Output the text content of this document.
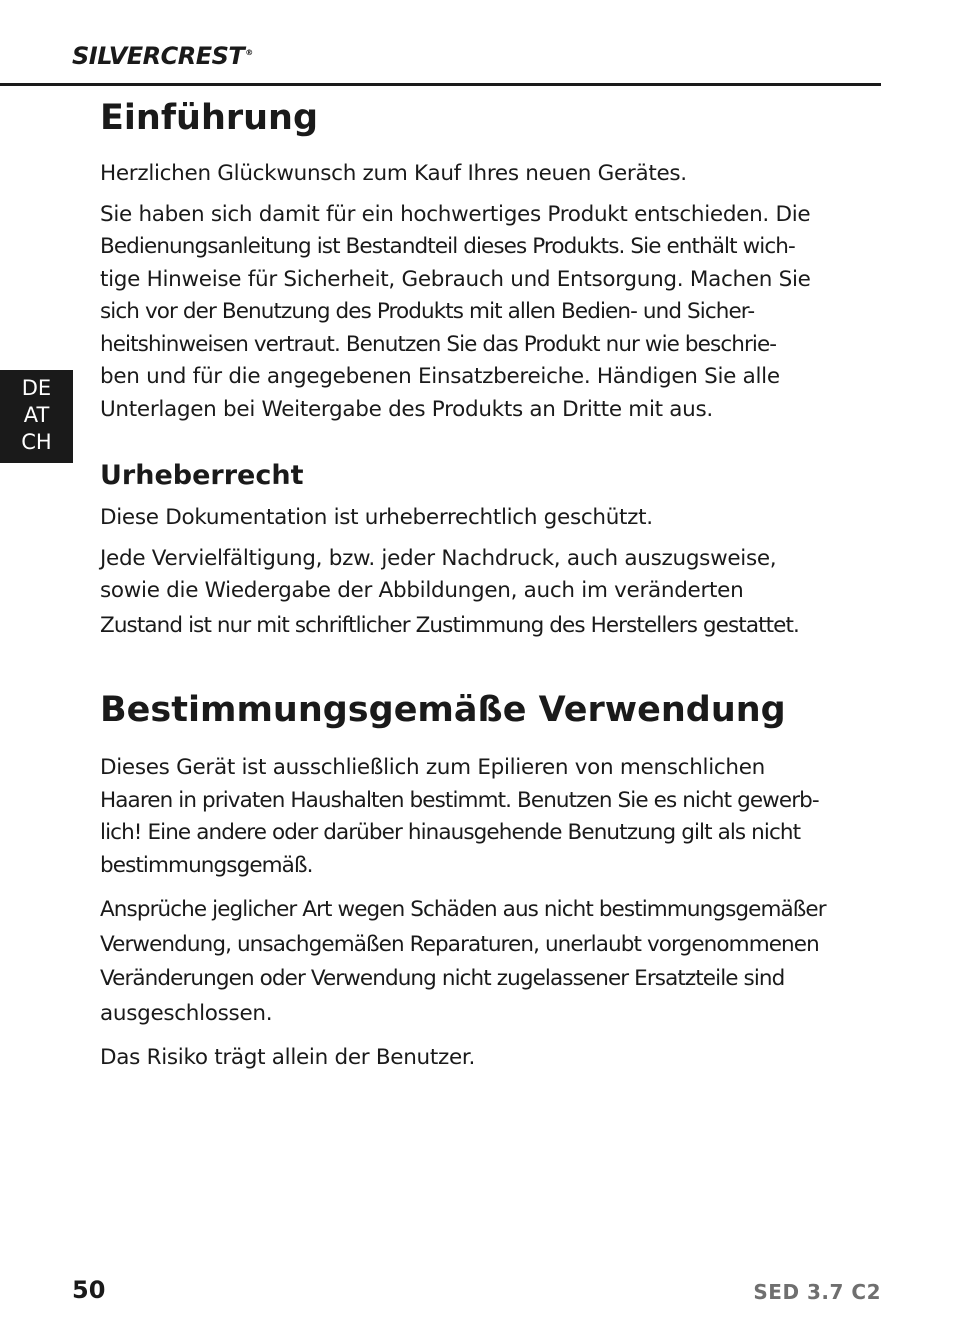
SILVERCREST®
DE
AT
CH
Einführung

Herzlichen Glückwunsch zum Kauf Ihres neuen Gerätes.

Sie haben sich damit für ein hochwertiges Produkt entschieden. Die

Bedienungsanleitung ist Bestandteil dieses Produkts. Sie enthält wich-

tige Hinweise für Sicherheit, Gebrauch und Entsorgung. Machen Sie

sich vor der Benutzung des Produkts mit allen Bedien- und Sicher-

heitshinweisen vertraut. Benutzen Sie das Produkt nur wie beschrie-

ben und für die angegebenen Einsatzbereiche. Händigen Sie alle

Unterlagen bei Weitergabe des Produkts an Dritte mit aus.

Urheberrecht

Diese Dokumentation ist urheberrechtlich geschützt.

Jede Vervielfältigung, bzw. jeder Nachdruck, auch auszugsweise,

sowie die Wiedergabe der Abbildungen, auch im veränderten

Zustand ist nur mit schriftlicher Zustimmung des Herstellers gestattet.

Bestimmungsgemäße Verwendung

Dieses Gerät ist ausschließlich zum Epilieren von menschlichen

Haaren in privaten Haushalten bestimmt. Benutzen Sie es nicht gewerb-

lich! Eine andere oder darüber hinausgehende Benutzung gilt als nicht

bestimmungsgemäß.

Ansprüche jeglicher Art wegen Schäden aus nicht bestimmungsgemäßer

Verwendung, unsachgemäßen Reparaturen, unerlaubt vorgenommenen

Veränderungen oder Verwendung nicht zugelassener Ersatzteile sind

ausgeschlossen.

Das Risiko trägt allein der Benutzer.

50	SED 3.7 C2
